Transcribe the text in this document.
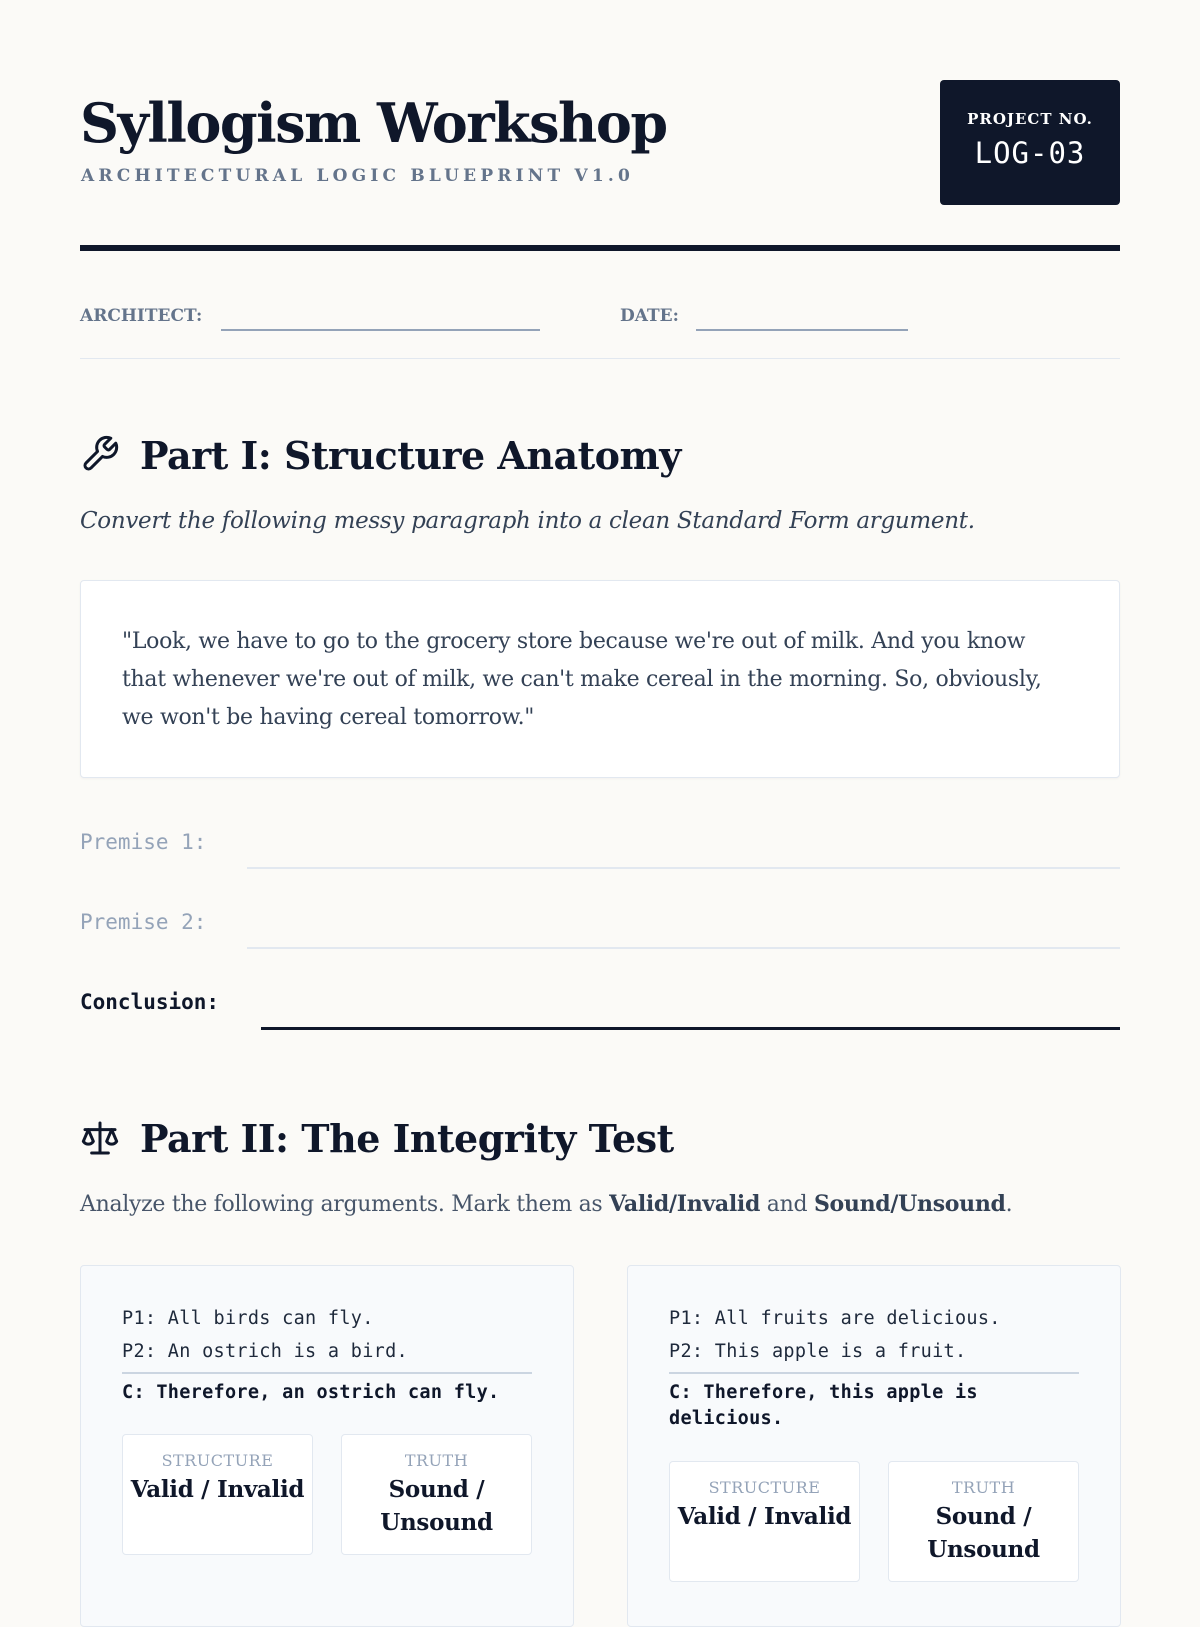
Syllogism Workshop
ARCHITECTURAL LOGIC BLUEPRINT V1.0
PROJECT NO.
LOG-03
ARCHITECT:	DATE:
Part I: Structure Anatomy
Convert the following messy paragraph into a clean Standard Form argument.
"Look, we have to go to the grocery store because we're out of milk. And you know that whenever we're out of milk, we can't make cereal in the morning. So, obviously, we won't be having cereal tomorrow."
Premise 1:
Premise 2:
Conclusion:
Part II: The Integrity Test
Analyze the following arguments. Mark them as Valid/Invalid and Sound/Unsound.
P1: All birds can fly.
P2: An ostrich is a bird.
C: Therefore, an ostrich can fly.
STRUCTURE
Valid / Invalid
TRUTH
Sound / Unsound
P1: All fruits are delicious.
P2: This apple is a fruit.
C: Therefore, this apple is delicious.
STRUCTURE
Valid / Invalid
TRUTH
Sound / Unsound
